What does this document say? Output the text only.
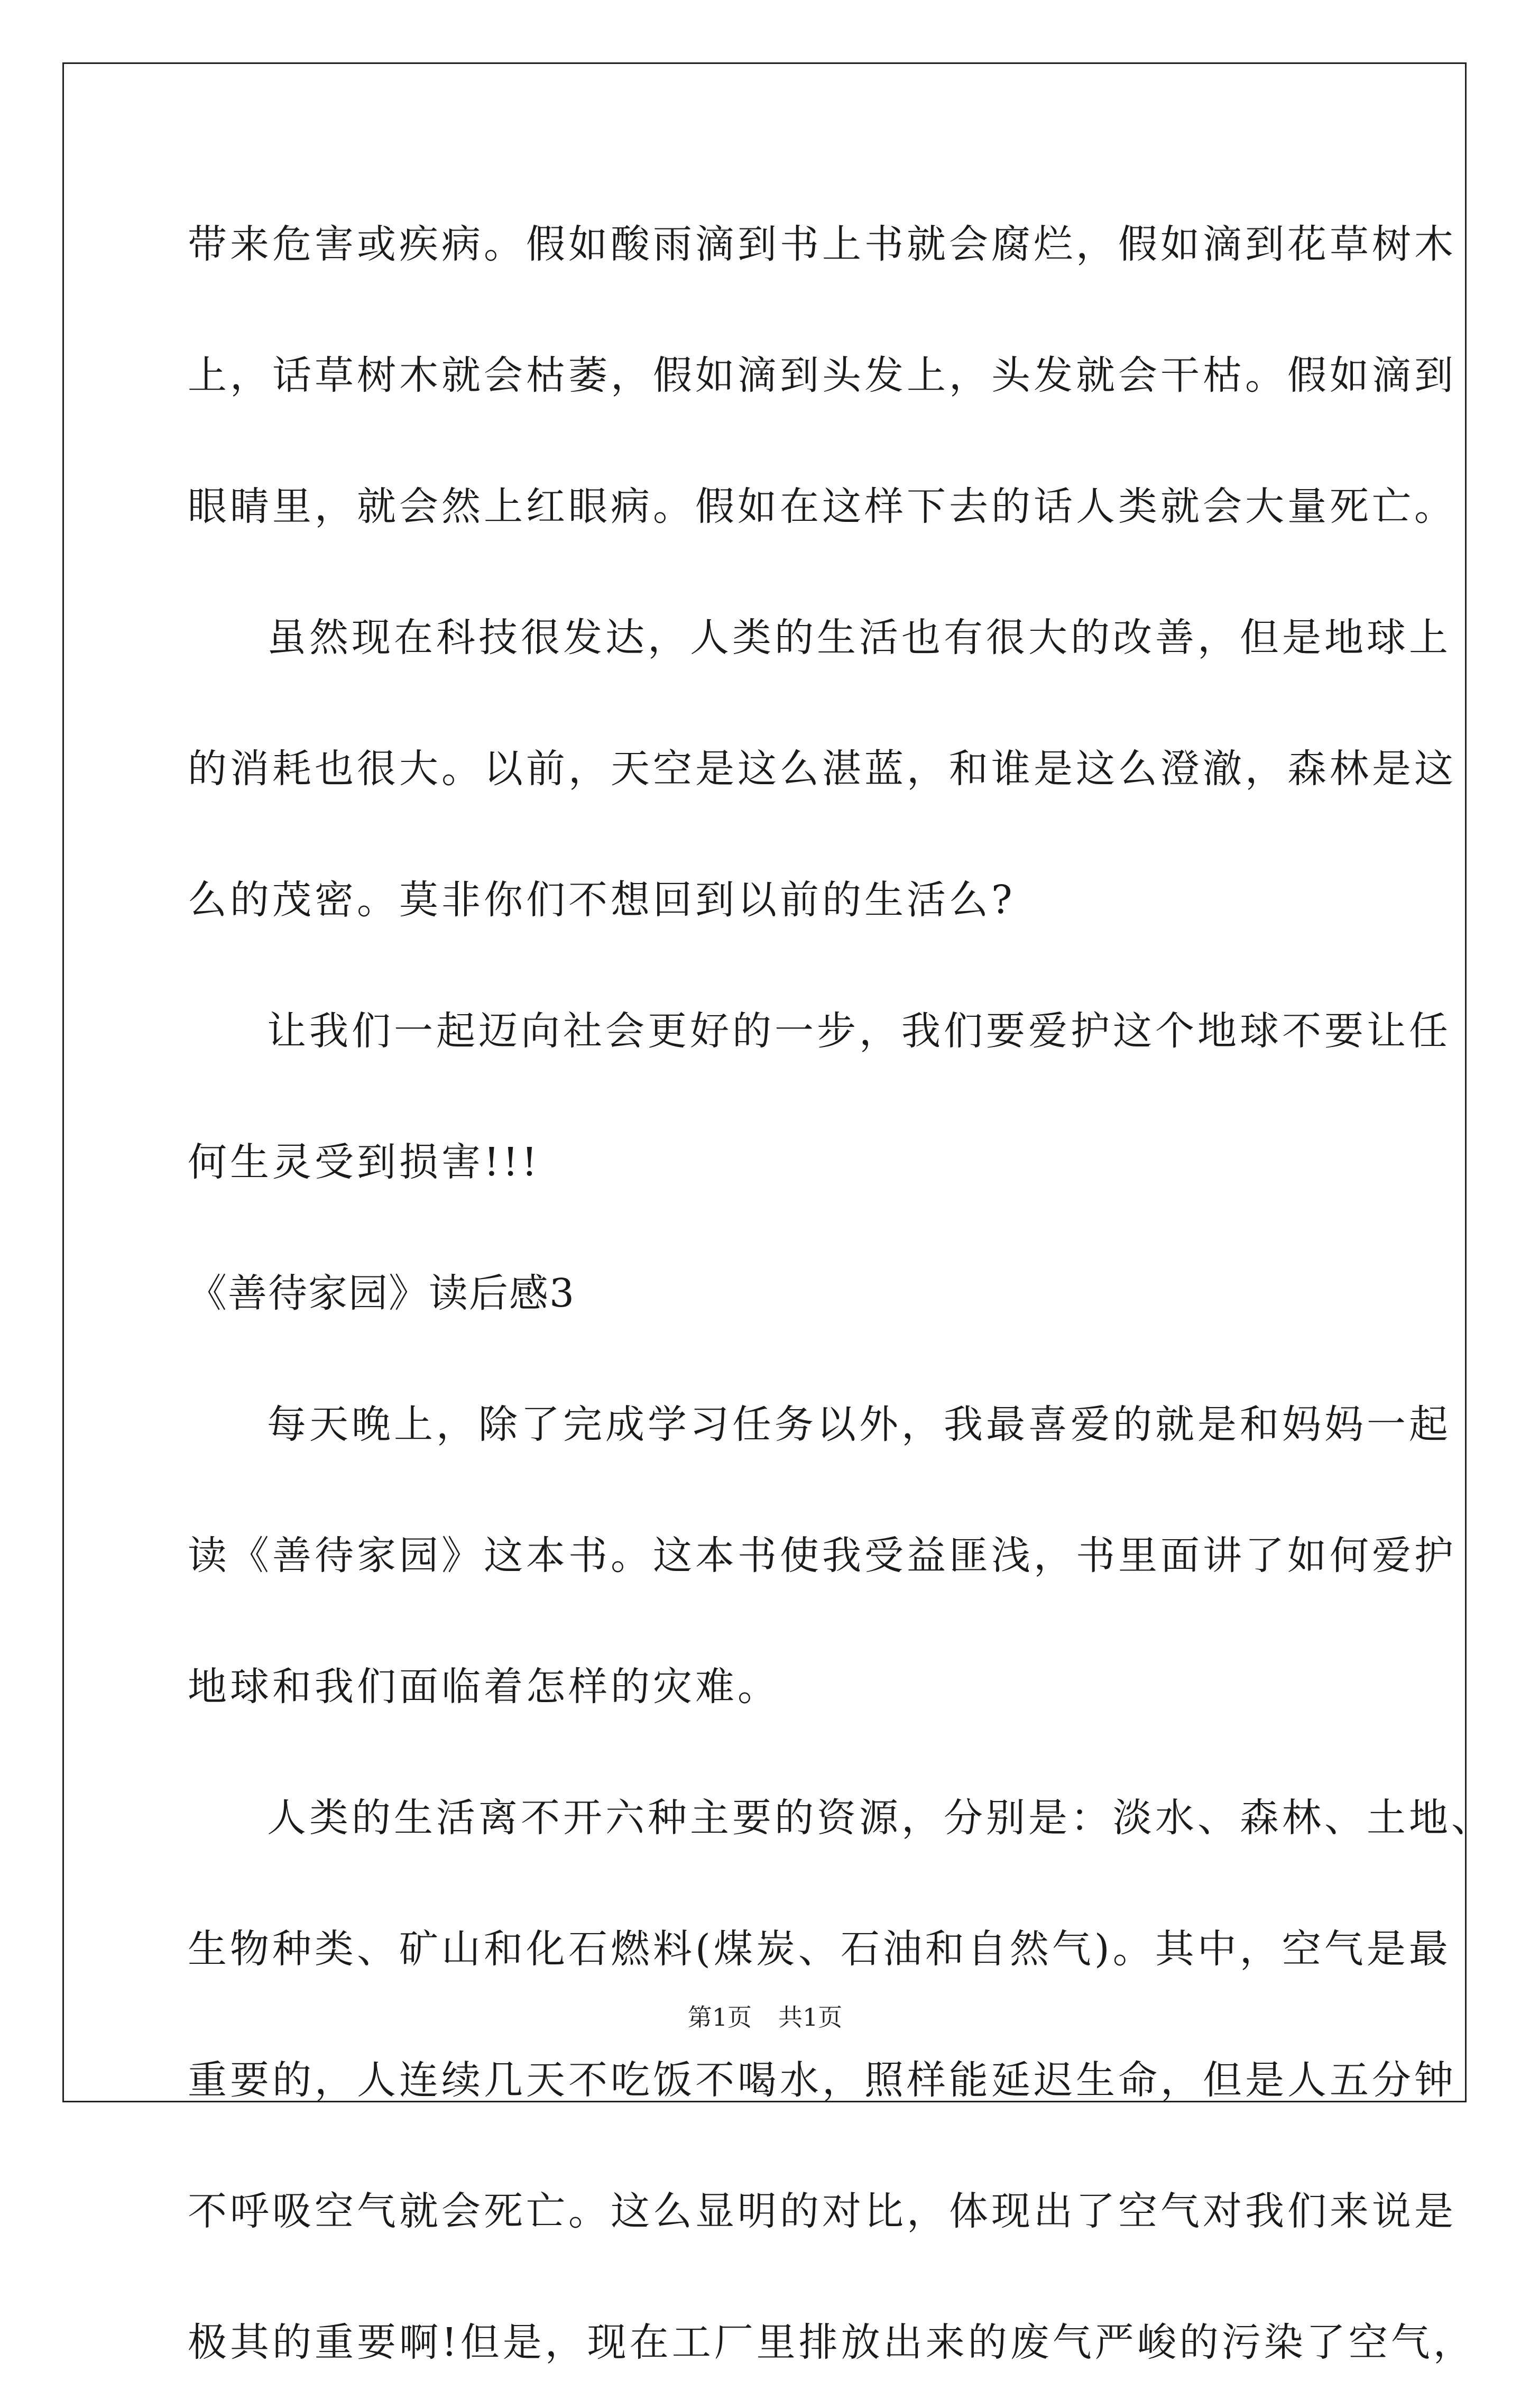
带来危害或疾病。假如酸雨滴到书上书就会腐烂，假如滴到花草树木
上，话草树木就会枯萎，假如滴到头发上，头发就会干枯。假如滴到
眼睛里，就会然上红眼病。假如在这样下去的话人类就会大量死亡。
虽然现在科技很发达，人类的生活也有很大的改善，但是地球上
的消耗也很大。以前，天空是这么湛蓝，和谁是这么澄澈，森林是这
么的茂密。莫非你们不想回到以前的生活么?
让我们一起迈向社会更好的一步，我们要爱护这个地球不要让任
何生灵受到损害!!!
《善待家园》读后感3
每天晚上，除了完成学习任务以外，我最喜爱的就是和妈妈一起
读《善待家园》这本书。这本书使我受益匪浅，书里面讲了如何爱护
地球和我们面临着怎样的灾难。
人类的生活离不开六种主要的资源，分别是：淡水、森林、土地、
生物种类、矿山和化石燃料(煤炭、石油和自然气)。其中，空气是最
重要的，人连续几天不吃饭不喝水，照样能延迟生命，但是人五分钟
不呼吸空气就会死亡。这么显明的对比，体现出了空气对我们来说是
极其的重要啊!但是，现在工厂里排放出来的废气严峻的污染了空气，
第1页 共1页
